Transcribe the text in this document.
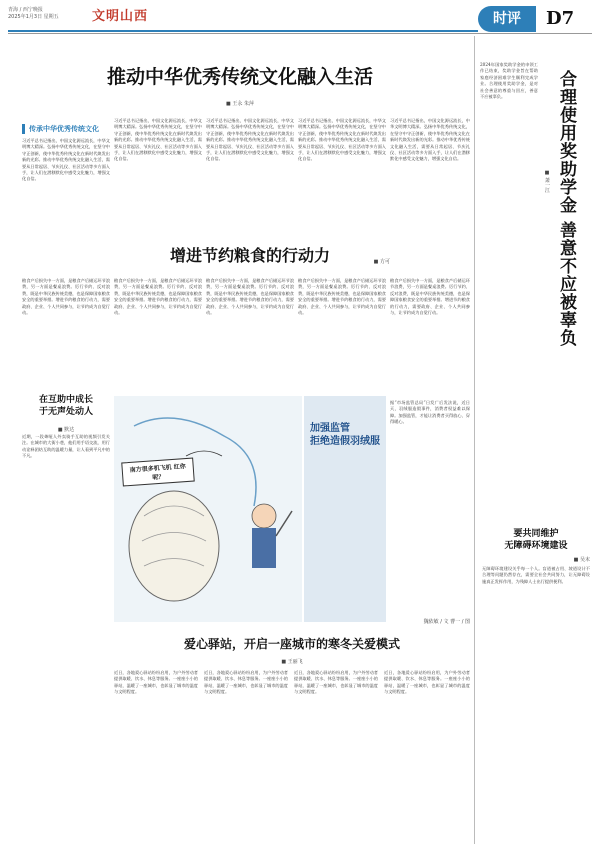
青海 / 西宁晚报
2025年1月3日 星期五	文明山西	时评	D7
推动中华优秀传统文化融入生活
■ 王永 朱萍
传承中华优秀传统文化
习近平总书记指出，中国文化源远流长，中华文明博大精深。弘扬中华优秀传统文化，在坚守中守正创新，使中华优秀传统文化在新时代焕发出新的光彩。推动中华优秀传统文化融入生活，需要从日常起居、节庆礼仪、社区活动等多方面入手，让人们在潜移默化中感受文化魅力，增强文化自信。
习近平总书记指出，中国文化源远流长，中华文明博大精深。弘扬中华优秀传统文化，在坚守中守正创新，使中华优秀传统文化在新时代焕发出新的光彩。推动中华优秀传统文化融入生活，需要从日常起居、节庆礼仪、社区活动等多方面入手，让人们在潜移默化中感受文化魅力，增强文化自信。
习近平总书记指出，中国文化源远流长，中华文明博大精深。弘扬中华优秀传统文化，在坚守中守正创新，使中华优秀传统文化在新时代焕发出新的光彩。推动中华优秀传统文化融入生活，需要从日常起居、节庆礼仪、社区活动等多方面入手，让人们在潜移默化中感受文化魅力，增强文化自信。
习近平总书记指出，中国文化源远流长，中华文明博大精深。弘扬中华优秀传统文化，在坚守中守正创新，使中华优秀传统文化在新时代焕发出新的光彩。推动中华优秀传统文化融入生活，需要从日常起居、节庆礼仪、社区活动等多方面入手，让人们在潜移默化中感受文化魅力，增强文化自信。
习近平总书记指出，中国文化源远流长，中华文明博大精深。弘扬中华优秀传统文化，在坚守中守正创新，使中华优秀传统文化在新时代焕发出新的光彩。推动中华优秀传统文化融入生活，需要从日常起居、节庆礼仪、社区活动等多方面入手，让人们在潜移默化中感受文化魅力，增强文化自信。
增进节约粮食的行动力	■ 方可
粮食产后损失中一方面，是粮食产后储运环节浪费，另一方面是餐桌浪费。厉行节约、反对浪费，既是中华民族传统美德，也是保障国家粮食安全的重要举措。增进节约粮食的行动力，需要政府、企业、个人共同参与，让节约成为自觉行动。
粮食产后损失中一方面，是粮食产后储运环节浪费，另一方面是餐桌浪费。厉行节约、反对浪费，既是中华民族传统美德，也是保障国家粮食安全的重要举措。增进节约粮食的行动力，需要政府、企业、个人共同参与，让节约成为自觉行动。
粮食产后损失中一方面，是粮食产后储运环节浪费，另一方面是餐桌浪费。厉行节约、反对浪费，既是中华民族传统美德，也是保障国家粮食安全的重要举措。增进节约粮食的行动力，需要政府、企业、个人共同参与，让节约成为自觉行动。
粮食产后损失中一方面，是粮食产后储运环节浪费，另一方面是餐桌浪费。厉行节约、反对浪费，既是中华民族传统美德，也是保障国家粮食安全的重要举措。增进节约粮食的行动力，需要政府、企业、个人共同参与，让节约成为自觉行动。
粮食产后损失中一方面，是粮食产后储运环节浪费，另一方面是餐桌浪费。厉行节约、反对浪费，既是中华民族传统美德，也是保障国家粮食安全的重要举措。增进节约粮食的行动力，需要政府、企业、个人共同参与，让节约成为自觉行动。
在互助中成长
于无声处动人
■ 默达
近期，一段聋哑人外卖骑手互助的视频引发关注。在城市的大街小巷，他们用手语交流，用行动诠释团结互助的温暖力量，让人看到平凡中的不凡。
南方很多机飞机 红你呢？
加强监管
拒绝造假羽绒服
据“市场监管总局”日发广后发法说，近日天，羽绒服造假事件，消费者权益难以保障。加强监管，才能让消费者买得放心、穿得暖心。
魏依敏 / 文 曹一 / 图
爱心驿站，开启一座城市的寒冬关爱模式
■ 王丽飞
近日，各地爱心驿站纷纷启用，为户外劳动者提供取暖、饮水、休息等服务。一座座小小的驿站，温暖了一座城市，也彰显了城市的温度与文明程度。
近日，各地爱心驿站纷纷启用，为户外劳动者提供取暖、饮水、休息等服务。一座座小小的驿站，温暖了一座城市，也彰显了城市的温度与文明程度。
近日，各地爱心驿站纷纷启用，为户外劳动者提供取暖、饮水、休息等服务。一座座小小的驿站，温暖了一座城市，也彰显了城市的温度与文明程度。
近日，各地爱心驿站纷纷启用，为户外劳动者提供取暖、饮水、休息等服务。一座座小小的驿站，温暖了一座城市，也彰显了城市的温度与文明程度。
合理使用奖助学金 善意不应被辜负
■ 萧一江
2024年国家奖助学金的申领工作已结束，奖助学金旨在帮助家庭经济困难学生顺利完成学业。合理使用奖助学金，是对社会善意的尊重与回应，善意不应被辜负。
要共同维护
无障碍环境建设
■ 吴末
无障碍环境建设关乎每一个人。盲道被占用、坡道设计不合理等问题仍然存在，需要全社会共同努力，让无障碍设施真正发挥作用，为残障人士出行提供便利。
